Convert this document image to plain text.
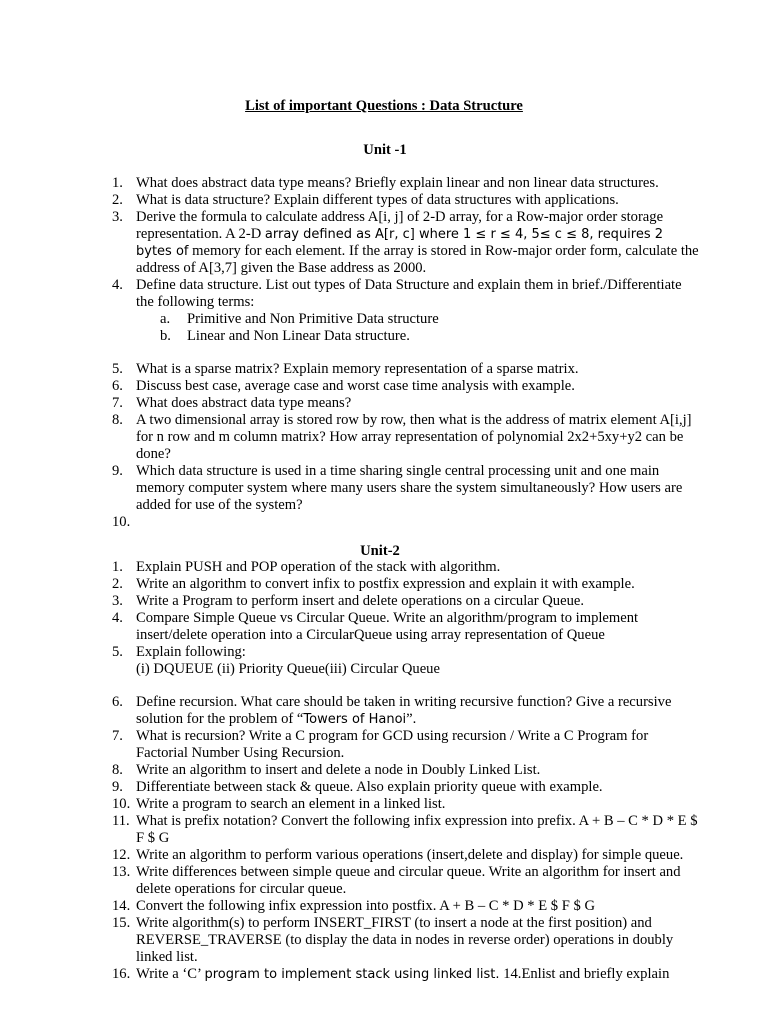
List of important Questions : Data Structure
Unit -1
1. What does abstract data type means? Briefly explain linear and non linear data structures.
2. What is data structure? Explain different types of data structures with applications.
3. Derive the formula to calculate address A[i, j] of 2-D array, for a Row-major order storage representation. A 2-D array defined as A[r, c] where 1 ≤ r ≤ 4, 5≤ c ≤ 8, requires 2 bytes of memory for each element. If the array is stored in Row-major order form, calculate the address of A[3,7] given the Base address as 2000.
4. Define data structure. List out types of Data Structure and explain them in brief./Differentiate the following terms:
a.	Primitive and Non Primitive Data structure
b.	Linear and Non Linear Data structure.
5. What is a sparse matrix? Explain memory representation of a sparse matrix.
6. Discuss best case, average case and worst case time analysis with example.
7. What does abstract data type means?
8. A two dimensional array is stored row by row, then what is the address of matrix element A[i,j] for n row and m column matrix? How array representation of polynomial 2x2+5xy+y2 can be done?
9. Which data structure is used in a time sharing single central processing unit and one main memory computer system where many users share the system simultaneously? How users are added for use of the system?
10.

Unit-2
1. Explain PUSH and POP operation of the stack with algorithm.
2. Write an algorithm to convert infix to postfix expression and explain it with example.
3. Write a Program to perform insert and delete operations on a circular Queue.
4. Compare Simple Queue vs Circular Queue. Write an algorithm/program to implement insert/delete operation into a CircularQueue using array representation of Queue
5. Explain following:
(i) DQUEUE (ii) Priority Queue(iii) Circular Queue
6. Define recursion. What care should be taken in writing recursive function? Give a recursive solution for the problem of “Towers of Hanoi”.
7. What is recursion? Write a C program for GCD using recursion / Write a C Program for Factorial Number Using Recursion.
8. Write an algorithm to insert and delete a node in Doubly Linked List.
9. Differentiate between stack & queue. Also explain priority queue with example.
10. Write a program to search an element in a linked list.
11. What is prefix notation? Convert the following infix expression into prefix. A + B – C * D * E $ F $ G
12. Write an algorithm to perform various operations (insert,delete and display) for simple queue.
13. Write differences between simple queue and circular queue. Write an algorithm for insert and delete operations for circular queue.
14. Convert the following infix expression into postfix. A + B – C * D * E $ F $ G
15. Write algorithm(s) to perform INSERT_FIRST (to insert a node at the first position) and REVERSE_TRAVERSE (to display the data in nodes in reverse order) operations in doubly linked list.
16. Write a ‘C’ program to implement stack using linked list. 14.Enlist and briefly explain
